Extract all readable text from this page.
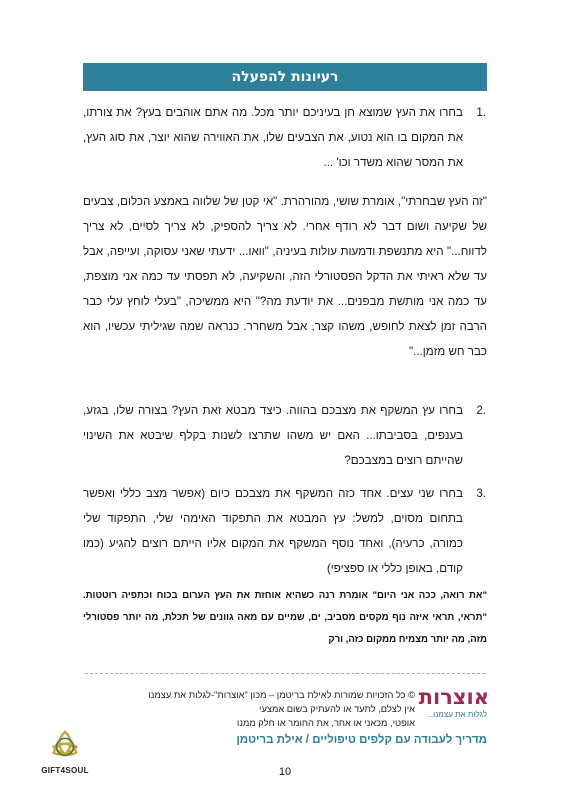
רעיונות להפעלה
1.
בחרו את העץ שמוצא חן בעיניכם יותר מכל. מה אתם אוהבים בעץ? את צורתו, את המקום בו הוא נטוע, את הצבעים שלו, את האווירה שהוא יוצר, את סוג העץ, את המסר שהוא משדר וכו' ...
"זה העץ שבחרתי", אומרת שושי, מהורהרת. "אי קטן של שלווה באמצע הכלום, צבעים של שקיעה ושום דבר לא רודף אחרי. לא צריך להספיק, לא צריך לסיים, לא צריך לדווח..." היא מתנשפת ודמעות עולות בעיניה, "וואו... ידעתי שאני עסוקה, ועייפה, אבל עד שלא ראיתי את הדקל הפסטורלי הזה, והשקיעה, לא תפסתי עד כמה אני מוצפת, עד כמה אני מותשת מבפנים... את יודעת מה?" היא ממשיכה, "בעלי לוחץ עלי כבר הרבה זמן לצאת לחופש, משהו קצר, אבל משחרר. כנראה שמה שגיליתי עכשיו, הוא כבר חש מזמן..."
2.
בחרו עץ המשקף את מצבכם בהווה. כיצד מבטא זאת העץ? בצורה שלו, בגזע, בענפים, בסביבתו... האם יש משהו שתרצו לשנות בקלף שיבטא את השינוי שהייתם רוצים במצבכם?
3.
בחרו שני עצים. אחד כזה המשקף את מצבכם כיום (אפשר מצב כללי ואפשר בתחום מסוים, למשל: עץ המבטא את התפקוד האימהי שלי, התפקוד שלי כמורה, כרעיה), ואחד נוסף המשקף את המקום אליו הייתם רוצים להגיע (כמו קודם, באופן כללי או ספציפי)
"את רואה, ככה אני היום" אומרת רנה כשהיא אוחזת את העץ הערום בכוח וכתפיה רוטטות. "תראי, תראי איזה נוף מקסים מסביב, ים, שמיים עם מאה גוונים של תכלת, מה יותר פסטורלי מזה, מה יותר מצמיח ממקום כזה, ורק
אוצרות
לגלות את עצמנו...
© כל הזכויות שמורות לאילת בריטמן – מכון "אוצרות"-לגלות את עצמנו
אין לצלם, לתעד או להעתיק בשום אמצעי
אופטי, מכאני או אחר, את החומר או חלק ממנו
מדריך לעבודה עם קלפים טיפוליים / אילת בריטמן
10
GIFT4SOUL
